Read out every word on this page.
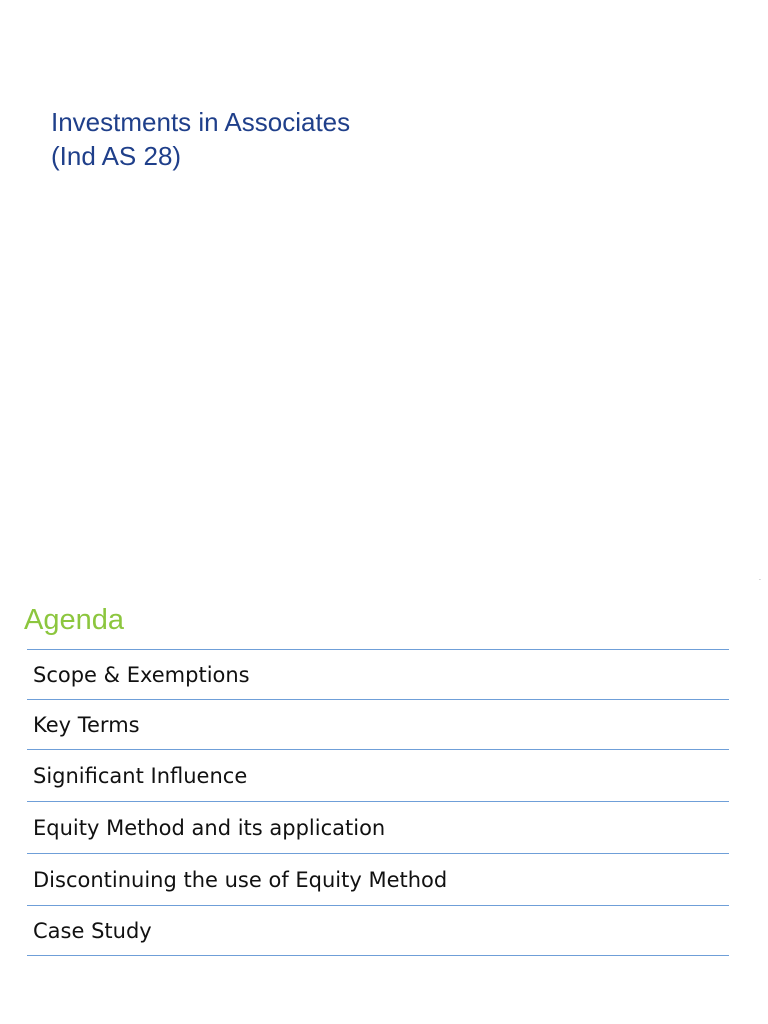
Investments in Associates
(Ind AS 28)
Agenda
Scope & Exemptions
Key Terms
Significant Influence
Equity Method and its application
Discontinuing the use of Equity Method
Case Study
